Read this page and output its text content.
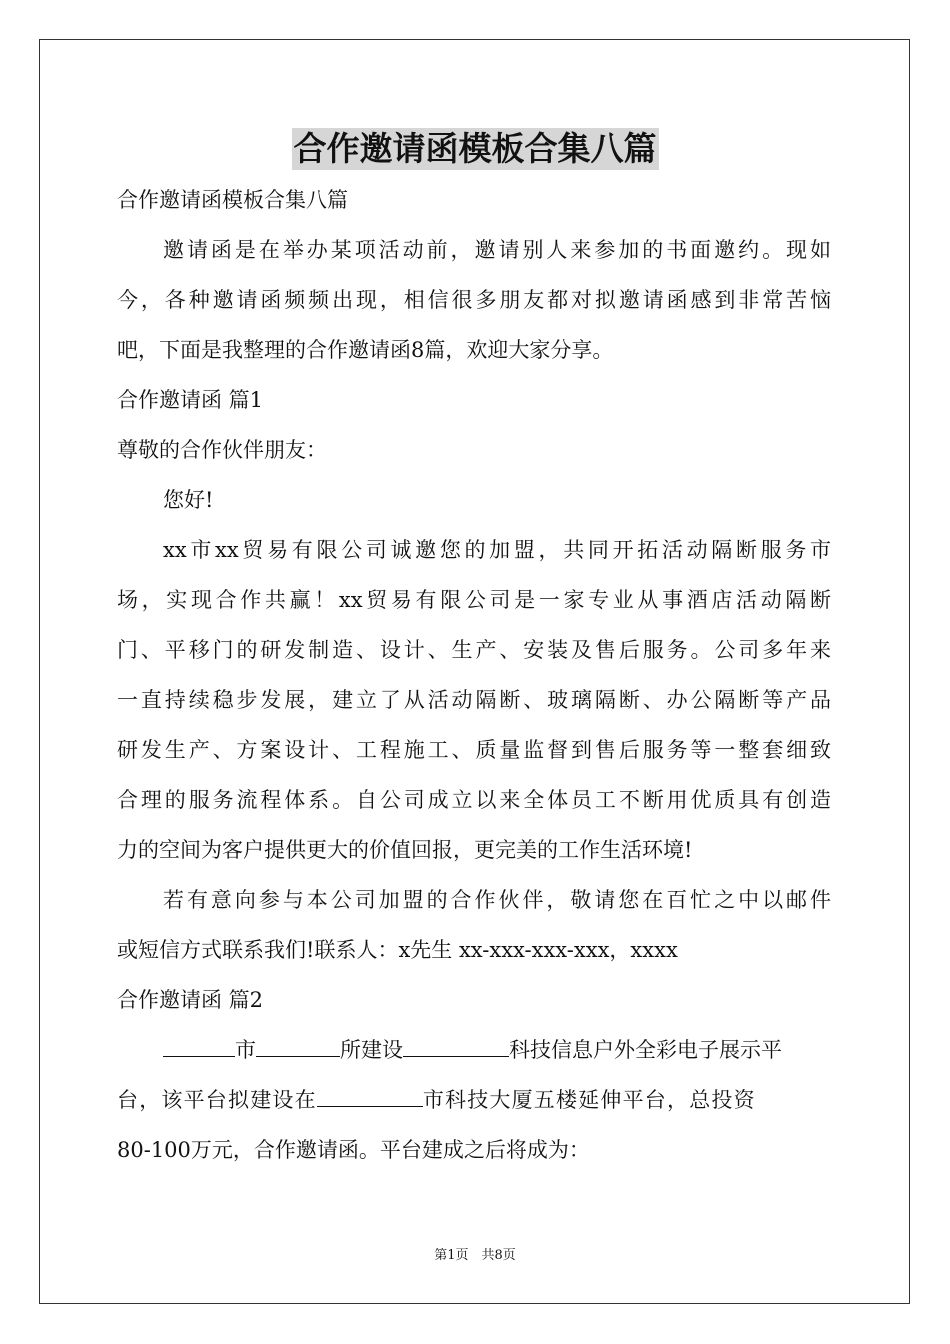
合作邀请函模板合集八篇
合作邀请函模板合集八篇
邀请函是在举办某项活动前，邀请别人来参加的书面邀约。现如
今，各种邀请函频频出现，相信很多朋友都对拟邀请函感到非常苦恼
吧，下面是我整理的合作邀请函8篇，欢迎大家分享。
合作邀请函 篇1
尊敬的合作伙伴朋友：
您好!
xx市xx贸易有限公司诚邀您的加盟，共同开拓活动隔断服务市
场，实现合作共赢！xx贸易有限公司是一家专业从事酒店活动隔断
门、平移门的研发制造、设计、生产、安装及售后服务。公司多年来
一直持续稳步发展，建立了从活动隔断、玻璃隔断、办公隔断等产品
研发生产、方案设计、工程施工、质量监督到售后服务等一整套细致
合理的服务流程体系。自公司成立以来全体员工不断用优质具有创造
力的空间为客户提供更大的价值回报，更完美的工作生活环境!
若有意向参与本公司加盟的合作伙伴，敬请您在百忙之中以邮件
或短信方式联系我们!联系人：x先生 xx-xxx-xxx-xxx，xxxx
合作邀请函 篇2
市	所建设	科技信息户外全彩电子展示平
台，该平台拟建设在	市科技大厦五楼延伸平台，总投资
80-100万元，合作邀请函。平台建成之后将成为：
第1页　共8页
